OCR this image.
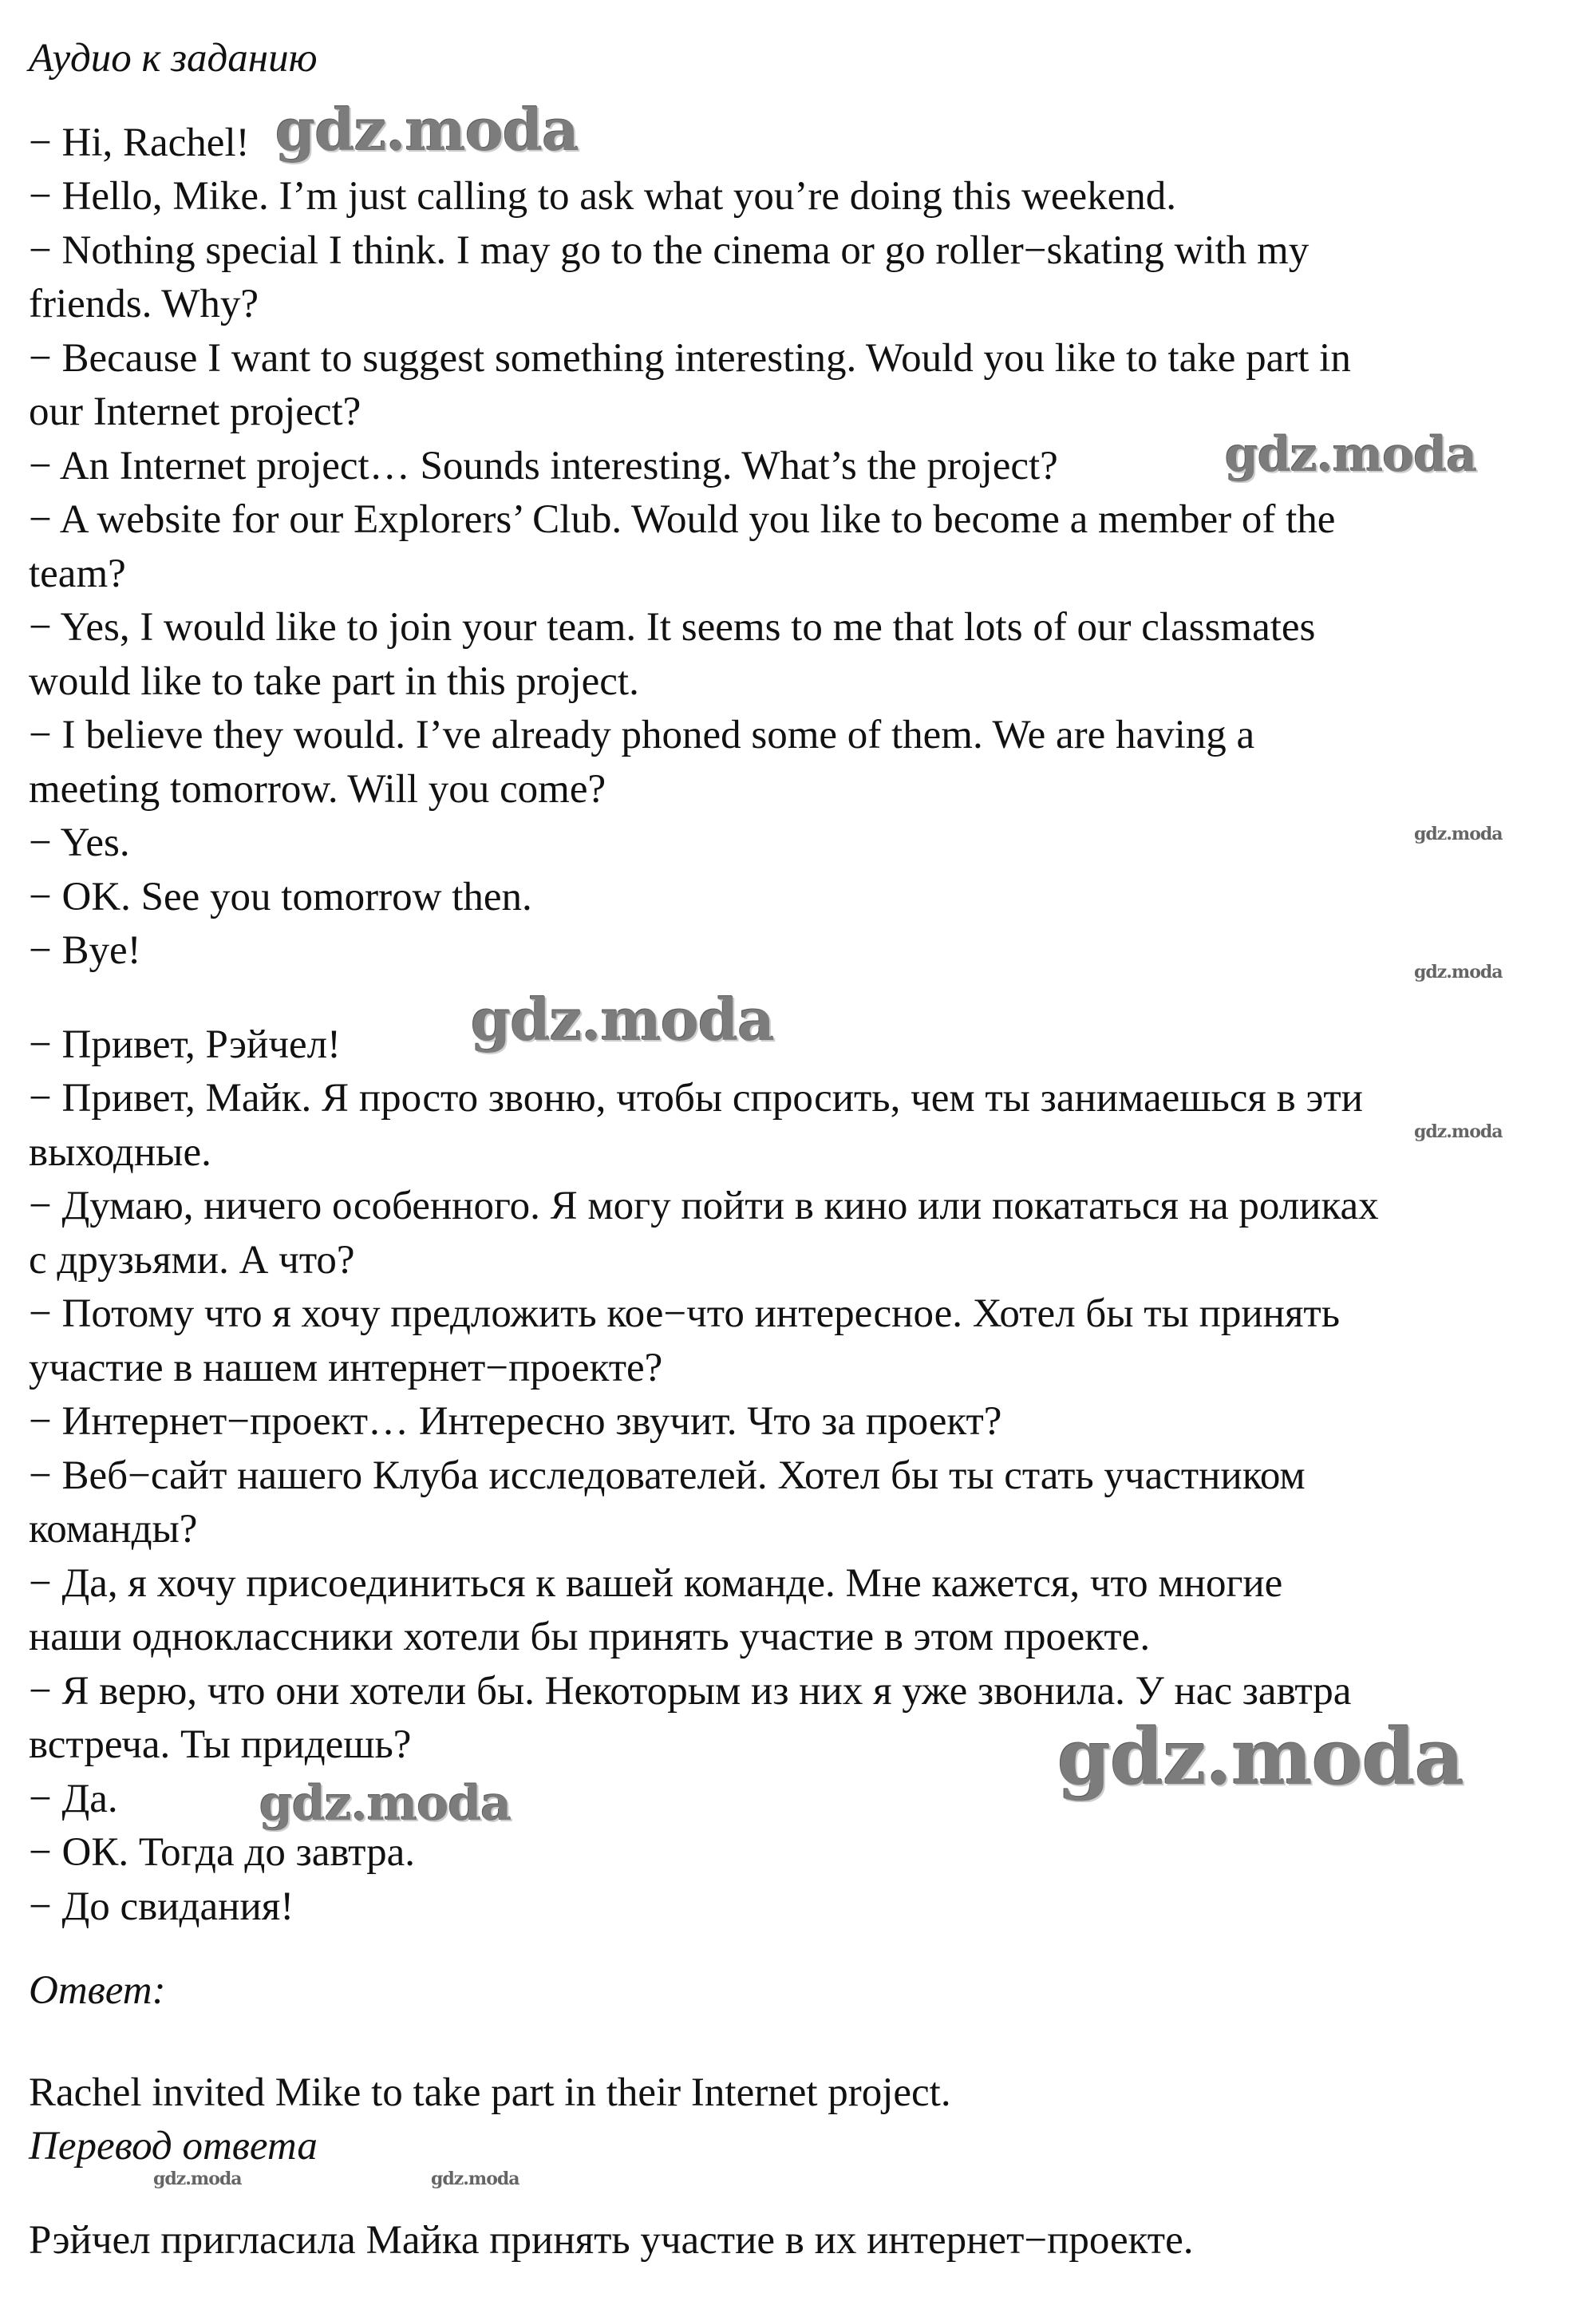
Аудио к заданию

− Hi, Rachel!

− Hello, Mike. I’m just calling to ask what you’re doing this weekend.

− Nothing special I think. I may go to the cinema or go roller−skating with my

friends. Why?

− Because I want to suggest something interesting. Would you like to take part in

our Internet project?

− An Internet project… Sounds interesting. What’s the project?

− A website for our Explorers’ Club. Would you like to become a member of the

team?

− Yes, I would like to join your team. It seems to me that lots of our classmates

would like to take part in this project.

− I believe they would. I’ve already phoned some of them. We are having a

meeting tomorrow. Will you come?

− Yes.

− OK. See you tomorrow then.

− Bye!

− Привет, Рэйчел!

− Привет, Майк. Я просто звоню, чтобы спросить, чем ты занимаешься в эти

выходные.

− Думаю, ничего особенного. Я могу пойти в кино или покататься на роликах

с друзьями. А что?

− Потому что я хочу предложить кое−что интересное. Хотел бы ты принять

участие в нашем интернет−проекте?

− Интернет−проект… Интересно звучит. Что за проект?

− Веб−сайт нашего Клуба исследователей. Хотел бы ты стать участником

команды?

− Да, я хочу присоединиться к вашей команде. Мне кажется, что многие

наши одноклассники хотели бы принять участие в этом проекте.

− Я верю, что они хотели бы. Некоторым из них я уже звонила. У нас завтра

встреча. Ты придешь?

− Да.

− ОК. Тогда до завтра.

− До свидания!

Ответ:

Rachel invited Mike to take part in their Internet project.

Перевод ответа

Рэйчел пригласила Майка принять участие в их интернет−проекте.

gdz.moda
gdz.moda
gdz.moda
gdz.moda
gdz.moda
gdz.moda
gdz.moda
gdz.moda
gdz.moda	gdz.moda
